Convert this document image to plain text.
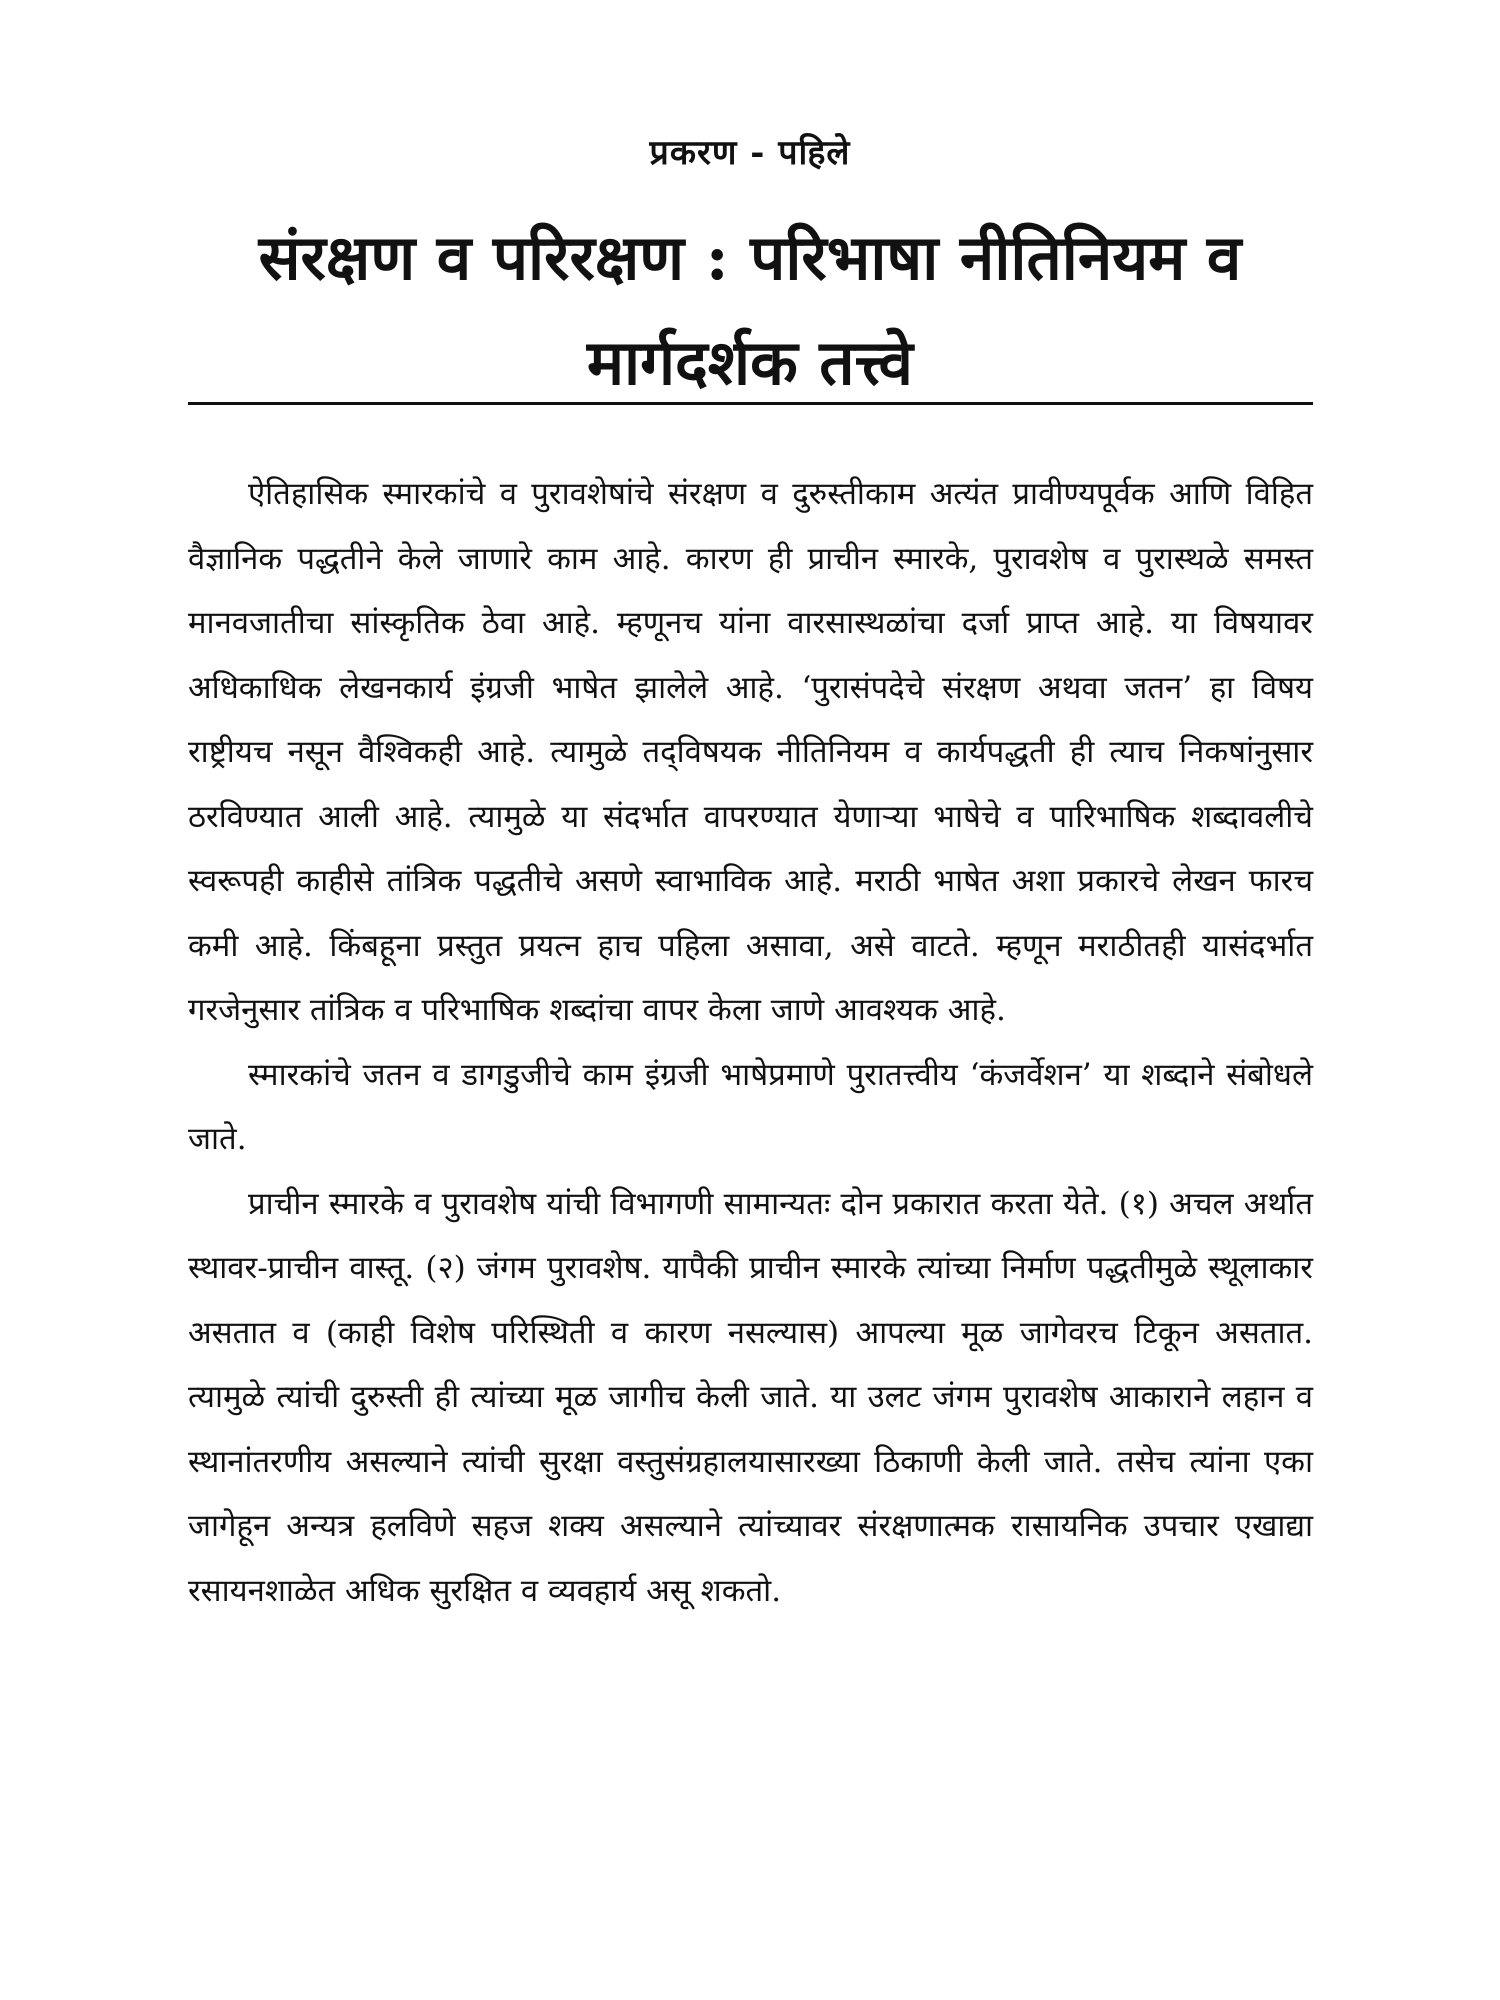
प्रकरण - पहिले
संरक्षण व परिरक्षण : परिभाषा नीतिनियम व मार्गदर्शक तत्त्वे

ऐतिहासिक स्मारकांचे व पुरावशेषांचे संरक्षण व दुरुस्तीकाम अत्यंत प्रावीण्यपूर्वक आणि विहित वैज्ञानिक पद्धतीने केले जाणारे काम आहे. कारण ही प्राचीन स्मारके, पुरावशेष व पुरास्थळे समस्त मानवजातीचा सांस्कृतिक ठेवा आहे. म्हणूनच यांना वारसास्थळांचा दर्जा प्राप्त आहे. या विषयावर अधिकाधिक लेखनकार्य इंग्रजी भाषेत झालेले आहे. ‘पुरासंपदेचे संरक्षण अथवा जतन’ हा विषय राष्ट्रीयच नसून वैश्विकही आहे. त्यामुळे तद्‌विषयक नीतिनियम व कार्यपद्धती ही त्याच निकषांनुसार ठरविण्यात आली आहे. त्यामुळे या संदर्भात वापरण्यात येणाऱ्या भाषेचे व पारिभाषिक शब्दावलीचे स्वरूपही काहीसे तांत्रिक पद्धतीचे असणे स्वाभाविक आहे. मराठी भाषेत अशा प्रकारचे लेखन फारच कमी आहे. किंबहूना प्रस्तुत प्रयत्न हाच पहिला असावा, असे वाटते. म्हणून मराठीतही यासंदर्भात गरजेनुसार तांत्रिक व परिभाषिक शब्दांचा वापर केला जाणे आवश्यक आहे.

स्मारकांचे जतन व डागडुजीचे काम इंग्रजी भाषेप्रमाणे पुरातत्त्वीय ‘कंजर्वेशन’ या शब्दाने संबोधले जाते.

प्राचीन स्मारके व पुरावशेष यांची विभागणी सामान्यतः दोन प्रकारात करता येते. (१) अचल अर्थात स्थावर-प्राचीन वास्तू. (२) जंगम पुरावशेष. यापैकी प्राचीन स्मारके त्यांच्या निर्माण पद्धतीमुळे स्थूलाकार असतात व (काही विशेष परिस्थिती व कारण नसल्यास) आपल्या मूळ जागेवरच टिकून असतात. त्यामुळे त्यांची दुरुस्ती ही त्यांच्या मूळ जागीच केली जाते. या उलट जंगम पुरावशेष आकाराने लहान व स्थानांतरणीय असल्याने त्यांची सुरक्षा वस्तुसंग्रहालयासारख्या ठिकाणी केली जाते. तसेच त्यांना एका जागेहून अन्यत्र हलविणे सहज शक्य असल्याने त्यांच्यावर संरक्षणात्मक रासायनिक उपचार एखाद्या रसायनशाळेत अधिक सुरक्षित व व्यवहार्य असू शकतो.
